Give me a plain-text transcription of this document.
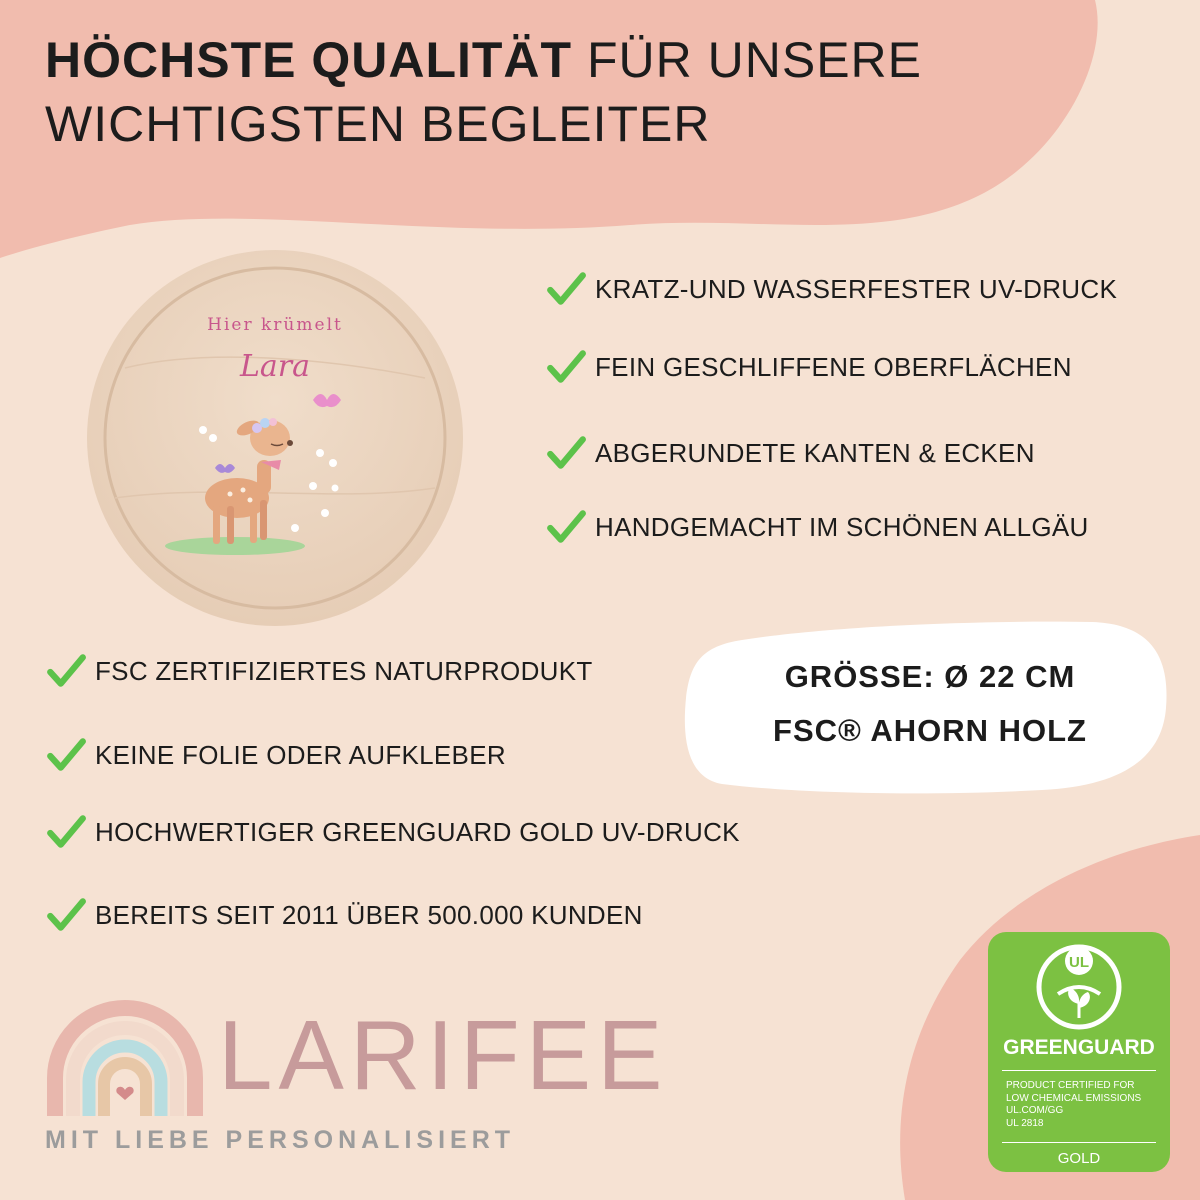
HÖCHSTE QUALITÄT FÜR UNSERE
WICHTIGSTEN BEGLEITER
Hier krümelt
Lara
KRATZ-UND WASSERFESTER UV-DRUCK
FEIN GESCHLIFFENE OBERFLÄCHEN
ABGERUNDETE KANTEN & ECKEN
HANDGEMACHT IM SCHÖNEN ALLGÄU
FSC ZERTIFIZIERTES NATURPRODUKT
KEINE FOLIE ODER AUFKLEBER
HOCHWERTIGER GREENGUARD GOLD UV-DRUCK
BEREITS SEIT 2011 ÜBER 500.000 KUNDEN
GRÖSSE: Ø 22 CM
FSC® AHORN HOLZ
LARIFEE
MIT LIEBE PERSONALISIERT
UL
GREENGUARD
PRODUCT CERTIFIED FOR
LOW CHEMICAL EMISSIONS
UL.COM/GG
UL 2818
GOLD
